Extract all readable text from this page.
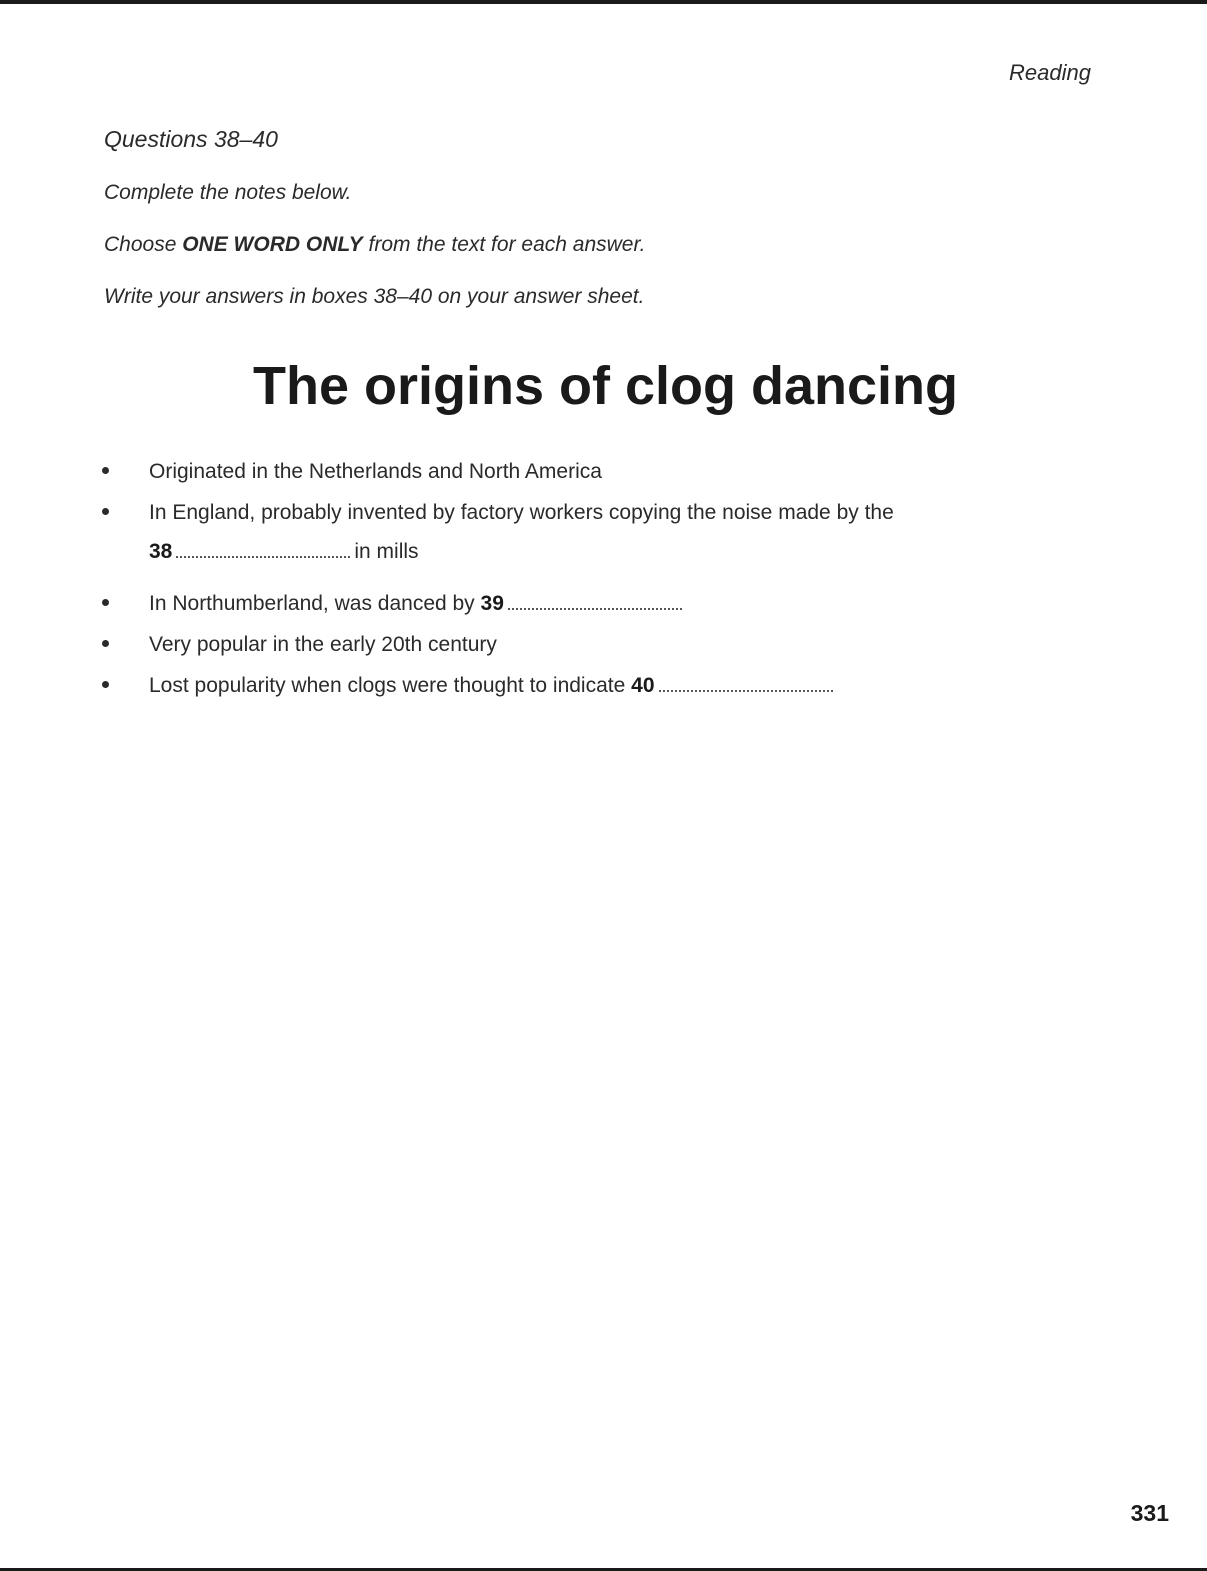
Reading
Questions 38–40
Complete the notes below.
Choose ONE WORD ONLY from the text for each answer.
Write your answers in boxes 38–40 on your answer sheet.
The origins of clog dancing
Originated in the Netherlands and North America
In England, probably invented by factory workers copying the noise made by the
38	in mills
In Northumberland, was danced by 39
Very popular in the early 20th century
Lost popularity when clogs were thought to indicate 40
331
